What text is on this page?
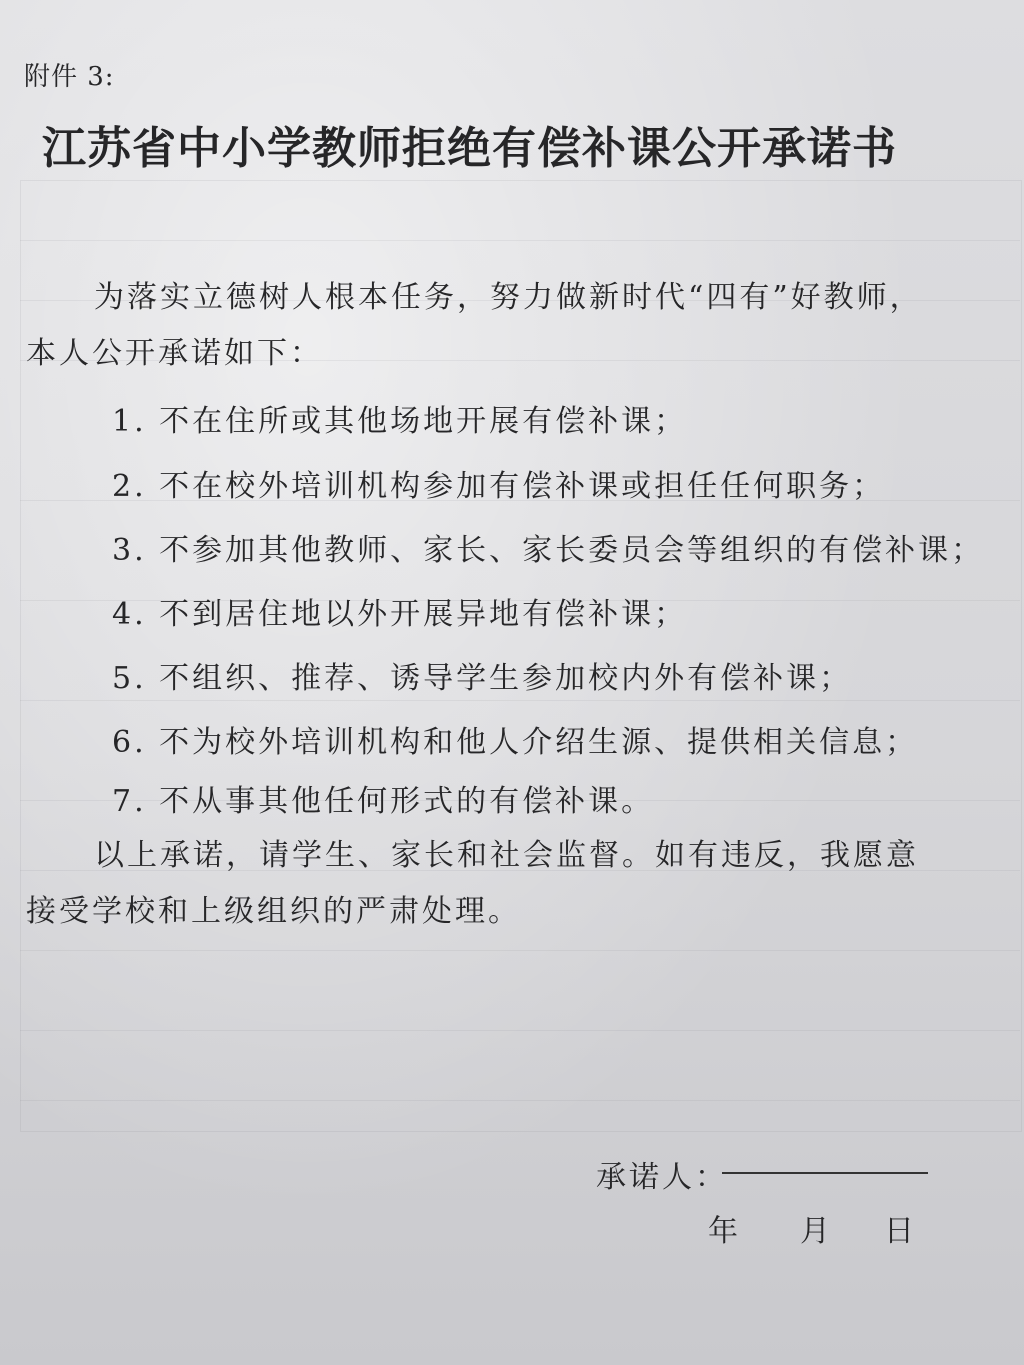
附件 3:
江苏省中小学教师拒绝有偿补课公开承诺书
为落实立德树人根本任务，努力做新时代“四有”好教师，本人公开承诺如下：
1. 不在住所或其他场地开展有偿补课；
2. 不在校外培训机构参加有偿补课或担任任何职务；
3. 不参加其他教师、家长、家长委员会等组织的有偿补课；
4. 不到居住地以外开展异地有偿补课；
5. 不组织、推荐、诱导学生参加校内外有偿补课；
6. 不为校外培训机构和他人介绍生源、提供相关信息；
7. 不从事其他任何形式的有偿补课。
以上承诺，请学生、家长和社会监督。如有违反，我愿意接受学校和上级组织的严肃处理。
承诺人：
年 月 日
